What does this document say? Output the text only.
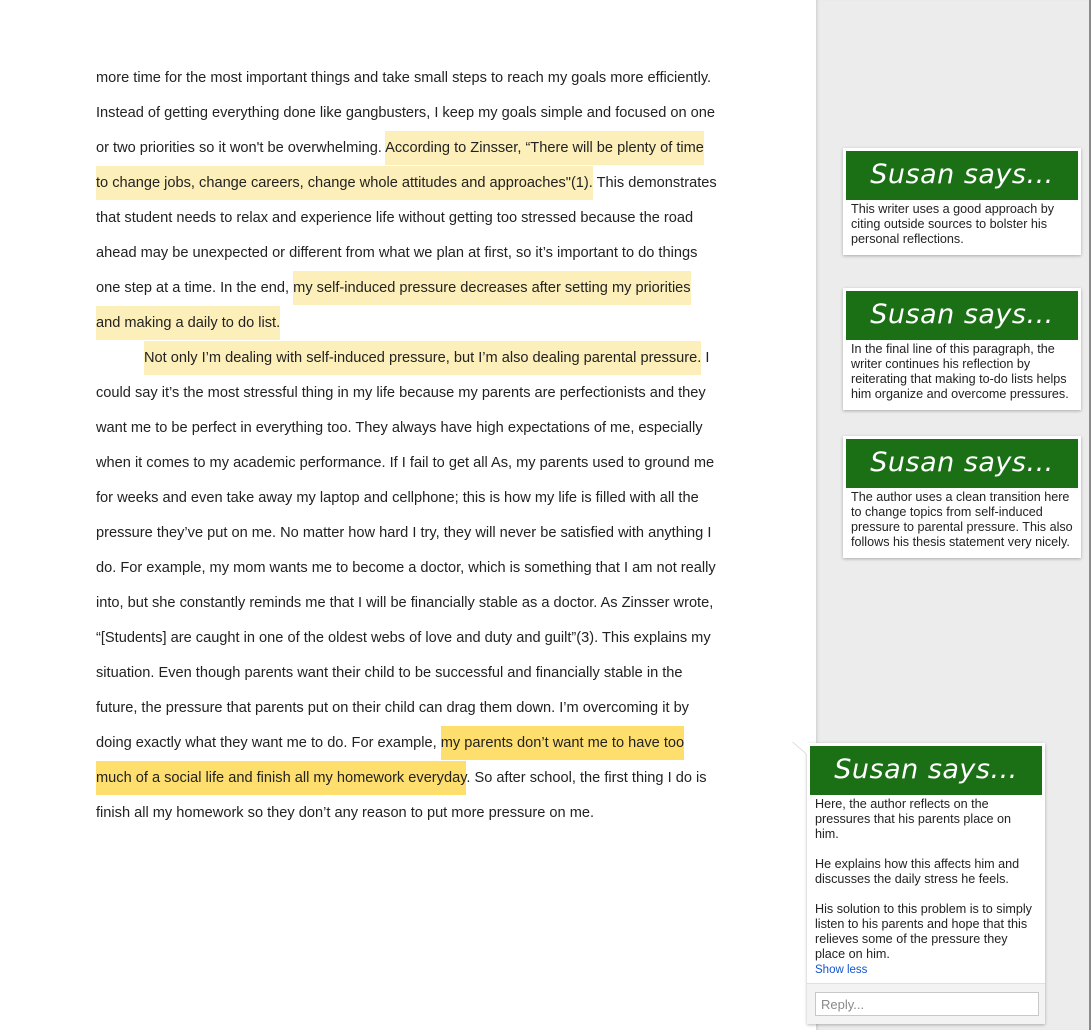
more time for the most important things and take small steps to reach my goals more efficiently.
Instead of getting everything done like gangbusters, I keep my goals simple and focused on one
or two priorities so it won't be overwhelming. According to Zinsser, “There will be plenty of time
to change jobs, change careers, change whole attitudes and approaches"(1). This demonstrates
that student needs to relax and experience life without getting too stressed because the road
ahead may be unexpected or different from what we plan at first, so it’s important to do things
one step at a time. In the end, my self-induced pressure decreases after setting my priorities
and making a daily to do list.
Not only I’m dealing with self-induced pressure, but I’m also dealing parental pressure. I
could say it’s the most stressful thing in my life because my parents are perfectionists and they
want me to be perfect in everything too. They always have high expectations of me, especially
when it comes to my academic performance. If I fail to get all As, my parents used to ground me
for weeks and even take away my laptop and cellphone; this is how my life is filled with all the
pressure they’ve put on me. No matter how hard I try, they will never be satisfied with anything I
do. For example, my mom wants me to become a doctor, which is something that I am not really
into, but she constantly reminds me that I will be financially stable as a doctor. As Zinsser wrote,
“[Students] are caught in one of the oldest webs of love and duty and guilt”(3). This explains my
situation. Even though parents want their child to be successful and financially stable in the
future, the pressure that parents put on their child can drag them down. I’m overcoming it by
doing exactly what they want me to do. For example, my parents don’t want me to have too
much of a social life and finish all my homework everyday. So after school, the first thing I do is
finish all my homework so they don’t any reason to put more pressure on me.
Susan says...

This writer uses a good approach by citing outside sources to bolster his personal reflections.

Susan says...

In the final line of this paragraph, the writer continues his reflection by reiterating that making to-do lists helps him organize and overcome pressures.

Susan says...

The author uses a clean transition here to change topics from self-induced pressure to parental pressure. This also follows his thesis statement very nicely.

Susan says...

Here, the author reflects on the pressures that his parents place on him.

He explains how this affects him and discusses the daily stress he feels.

His solution to this problem is to simply listen to his parents and hope that this relieves some of the pressure they place on him.

Show less
Reply...
